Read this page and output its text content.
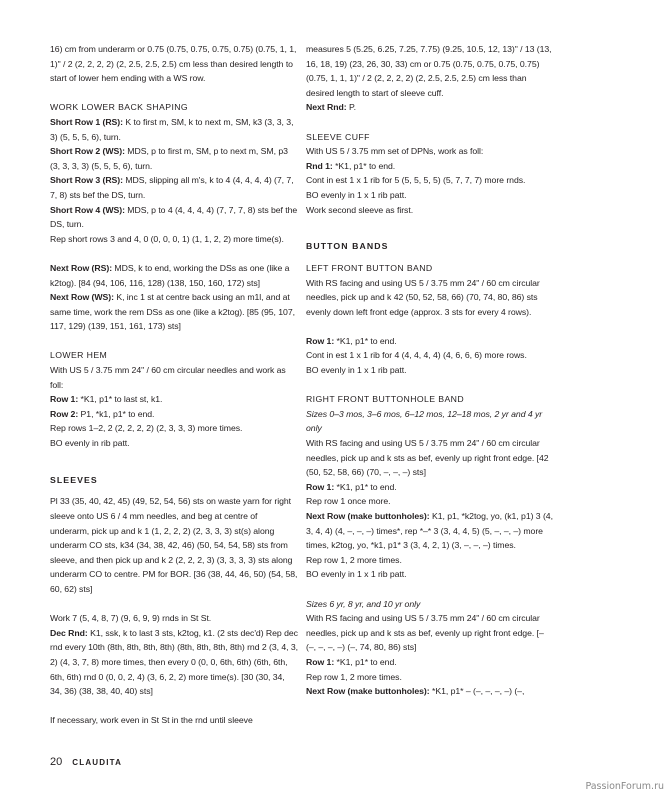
16) cm from underarm or 0.75 (0.75, 0.75, 0.75, 0.75) (0.75, 1, 1, 1)" / 2 (2, 2, 2, 2) (2, 2.5, 2.5, 2.5) cm less than desired length to start of lower hem ending with a WS row.

WORK LOWER BACK SHAPING

Short Row 1 (RS): K to first m, SM, k to next m, SM, k3 (3, 3, 3, 3) (5, 5, 5, 6), turn.

Short Row 2 (WS): MDS, p to first m, SM, p to next m, SM, p3 (3, 3, 3, 3) (5, 5, 5, 6), turn.

Short Row 3 (RS): MDS, slipping all m's, k to 4 (4, 4, 4, 4) (7, 7, 7, 8) sts bef the DS, turn.

Short Row 4 (WS): MDS, p to 4 (4, 4, 4, 4) (7, 7, 7, 8) sts bef the DS, turn.

Rep short rows 3 and 4, 0 (0, 0, 0, 1) (1, 1, 2, 2) more time(s).

Next Row (RS): MDS, k to end, working the DSs as one (like a k2tog). [84 (94, 106, 116, 128) (138, 150, 160, 172) sts]

Next Row (WS): K, inc 1 st at centre back using an m1l, and at same time, work the rem DSs as one (like a k2tog). [85 (95, 107, 117, 129) (139, 151, 161, 173) sts]

LOWER HEM

With US 5 / 3.75 mm 24" / 60 cm circular needles and work as foll:

Row 1: *K1, p1* to last st, k1.

Row 2: P1, *k1, p1* to end.

Rep rows 1–2, 2 (2, 2, 2, 2) (2, 3, 3, 3) more times.

BO evenly in rib patt.

SLEEVES

Pl 33 (35, 40, 42, 45) (49, 52, 54, 56) sts on waste yarn for right sleeve onto US 6 / 4 mm needles, and beg at centre of underarm, pick up and k 1 (1, 2, 2, 2) (2, 3, 3, 3) st(s) along underarm CO sts, k34 (34, 38, 42, 46) (50, 54, 54, 58) sts from sleeve, and then pick up and k 2 (2, 2, 2, 3) (3, 3, 3, 3) sts along underarm CO to centre. PM for BOR. [36 (38, 44, 46, 50) (54, 58, 60, 62) sts]

Work 7 (5, 4, 8, 7) (9, 6, 9, 9) rnds in St St.

Dec Rnd: K1, ssk, k to last 3 sts, k2tog, k1. (2 sts dec'd) Rep dec rnd every 10th (8th, 8th, 8th, 8th) (8th, 8th, 8th, 8th) rnd 2 (3, 4, 3, 2) (4, 3, 7, 8) more times, then every 0 (0, 0, 6th, 6th) (6th, 6th, 6th, 6th) rnd 0 (0, 0, 2, 4) (3, 6, 2, 2) more time(s). [30 (30, 34, 34, 36) (38, 38, 40, 40) sts]

If necessary, work even in St St in the rnd until sleeve

measures 5 (5.25, 6.25, 7.25, 7.75) (9.25, 10.5, 12, 13)" / 13 (13, 16, 18, 19) (23, 26, 30, 33) cm or 0.75 (0.75, 0.75, 0.75, 0.75) (0.75, 1, 1, 1)" / 2 (2, 2, 2, 2) (2, 2.5, 2.5, 2.5) cm less than desired length to start of sleeve cuff.

Next Rnd: P.

SLEEVE CUFF

With US 5 / 3.75 mm set of DPNs, work as foll:

Rnd 1: *K1, p1* to end.

Cont in est 1 x 1 rib for 5 (5, 5, 5, 5) (5, 7, 7, 7) more rnds.

BO evenly in 1 x 1 rib patt.

Work second sleeve as first.

BUTTON BANDS

LEFT FRONT BUTTON BAND

With RS facing and using US 5 / 3.75 mm 24" / 60 cm circular needles, pick up and k 42 (50, 52, 58, 66) (70, 74, 80, 86) sts evenly down left front edge (approx. 3 sts for every 4 rows).

Row 1: *K1, p1* to end.

Cont in est 1 x 1 rib for 4 (4, 4, 4, 4) (4, 6, 6, 6) more rows.

BO evenly in 1 x 1 rib patt.

RIGHT FRONT BUTTONHOLE BAND

Sizes 0–3 mos, 3–6 mos, 6–12 mos, 12–18 mos, 2 yr and 4 yr only

With RS facing and using US 5 / 3.75 mm 24" / 60 cm circular needles, pick up and k sts as bef, evenly up right front edge. [42 (50, 52, 58, 66) (70, –, –, –) sts]

Row 1: *K1, p1* to end.

Rep row 1 once more.

Next Row (make buttonholes): K1, p1, *k2tog, yo, (k1, p1) 3 (4, 3, 4, 4) (4, –, –, –) times*, rep *–* 3 (3, 4, 4, 5) (5, –, –, –) more times, k2tog, yo, *k1, p1* 3 (3, 4, 2, 1) (3, –, –, –) times.

Rep row 1, 2 more times.

BO evenly in 1 x 1 rib patt.

Sizes 6 yr, 8 yr, and 10 yr only

With RS facing and using US 5 / 3.75 mm 24" / 60 cm circular needles, pick up and k sts as bef, evenly up right front edge. [– (–, –, –, –) (–, 74, 80, 86) sts]

Row 1: *K1, p1* to end.

Rep row 1, 2 more times.

Next Row (make buttonholes): *K1, p1* – (–, –, –, –) (–,

20 CLAUDITA
PassionForum.ru
